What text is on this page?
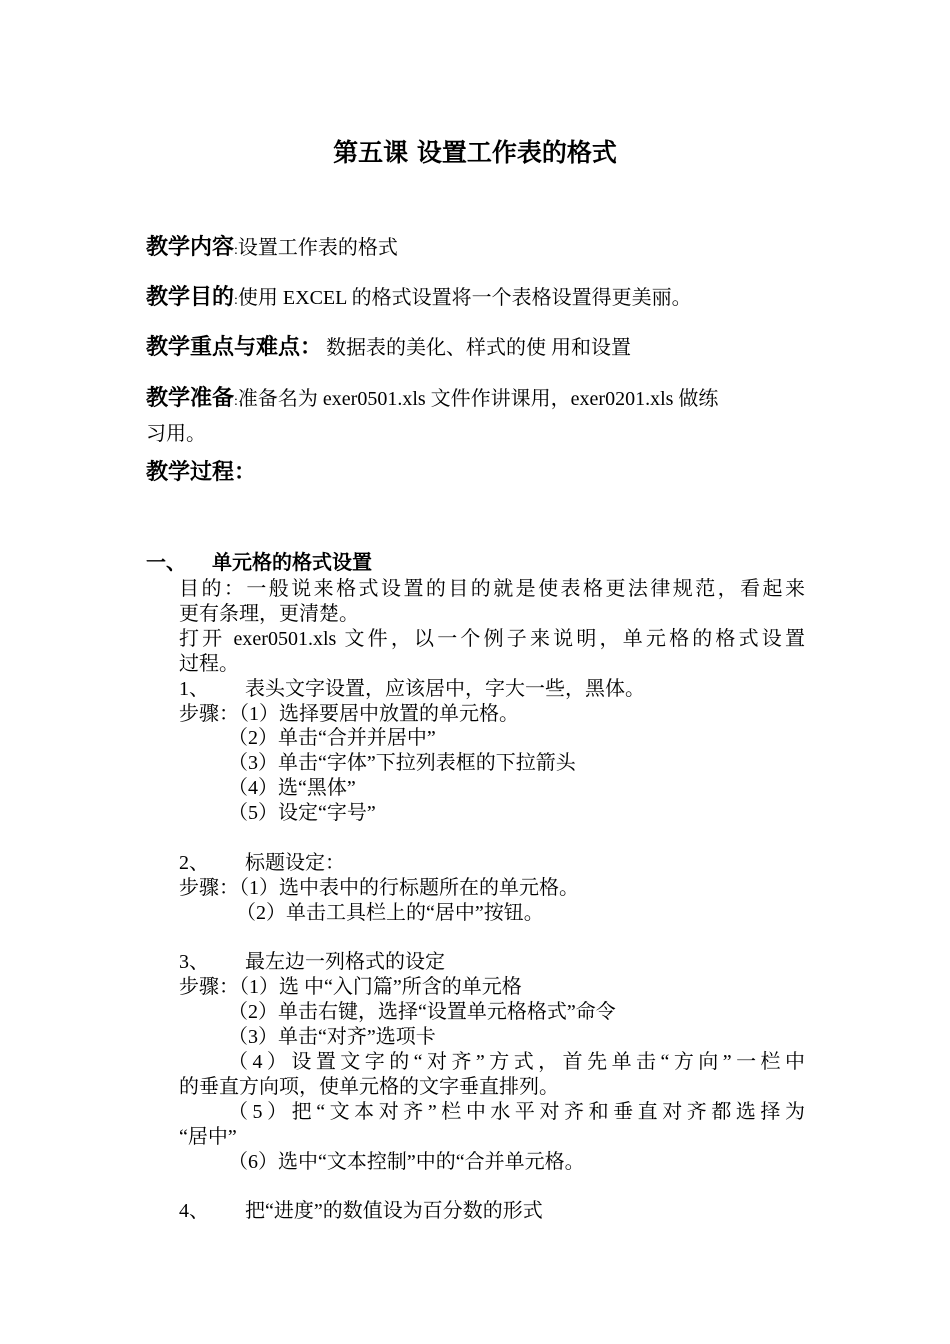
第五课 设置工作表的格式
教学内容:设置工作表的格式
教学目的:使用 EXCEL 的格式设置将一个表格设置得更美丽。
教学重点与难点： 数据表的美化、样式的使 用和设置
教学准备:准备名为 exer0501.xls 文件作讲课用，exer0201.xls 做练
习用。
教学过程：
一、 单元格的格式设置
目的：一般说来格式设置的目的就是使表格更法律规范，看起来
更有条理，更清楚。
打开 exer0501.xls 文件，以一个例子来说明，单元格的格式设置
过程。
1、 表头文字设置，应该居中，字大一些，黑体。
步骤：（1）选择要居中放置的单元格。
（2）单击“合并并居中”
（3）单击“字体”下拉列表框的下拉箭头
（4）选“黑体”
（5）设定“字号”
2、 标题设定：
步骤：（1）选中表中的行标题所在的单元格。
（2）单击工具栏上的“居中”按钮。
3、 最左边一列格式的设定
步骤：（1）选 中“入门篇”所含的单元格
（2）单击右键，选择“设置单元格格式”命令
（3）单击“对齐”选项卡
（4）设置文字的“对齐”方式，首先单击“方向”一栏中
的垂直方向项，使单元格的文字垂直排列。
（5）把“文本对齐”栏中水平对齐和垂直对齐都选择为
“居中”
（6）选中“文本控制”中的“合并单元格。
4、 把“进度”的数值设为百分数的形式
